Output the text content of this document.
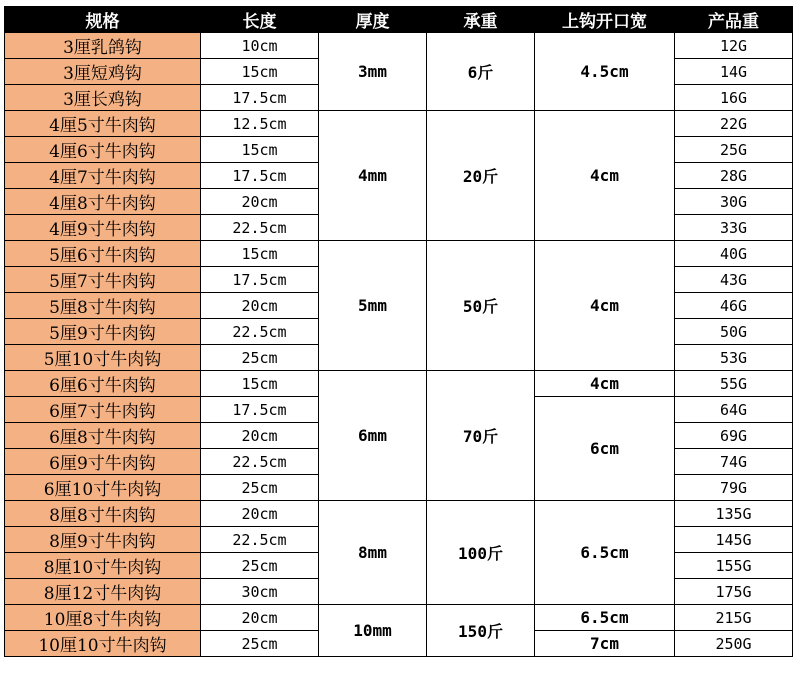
规格	长度	厚度	承重	上钩开口宽	产品重
3厘乳鸽钩	10cm	3mm	6斤	4.5cm	12G
3厘短鸡钩	15cm				14G
3厘长鸡钩	17.5cm				16G
4厘5寸牛肉钩	12.5cm	4mm	20斤	4cm	22G
4厘6寸牛肉钩	15cm				25G
4厘7寸牛肉钩	17.5cm				28G
4厘8寸牛肉钩	20cm				30G
4厘9寸牛肉钩	22.5cm				33G
5厘6寸牛肉钩	15cm	5mm	50斤	4cm	40G
5厘7寸牛肉钩	17.5cm				43G
5厘8寸牛肉钩	20cm				46G
5厘9寸牛肉钩	22.5cm				50G
5厘10寸牛肉钩	25cm				53G
6厘6寸牛肉钩	15cm	6mm	70斤	4cm	55G
6厘7寸牛肉钩	17.5cm			6cm	64G
6厘8寸牛肉钩	20cm				69G
6厘9寸牛肉钩	22.5cm				74G
6厘10寸牛肉钩	25cm				79G
8厘8寸牛肉钩	20cm	8mm	100斤	6.5cm	135G
8厘9寸牛肉钩	22.5cm				145G
8厘10寸牛肉钩	25cm				155G
8厘12寸牛肉钩	30cm				175G
10厘8寸牛肉钩	20cm	10mm	150斤	6.5cm	215G
10厘10寸牛肉钩	25cm			7cm	250G
